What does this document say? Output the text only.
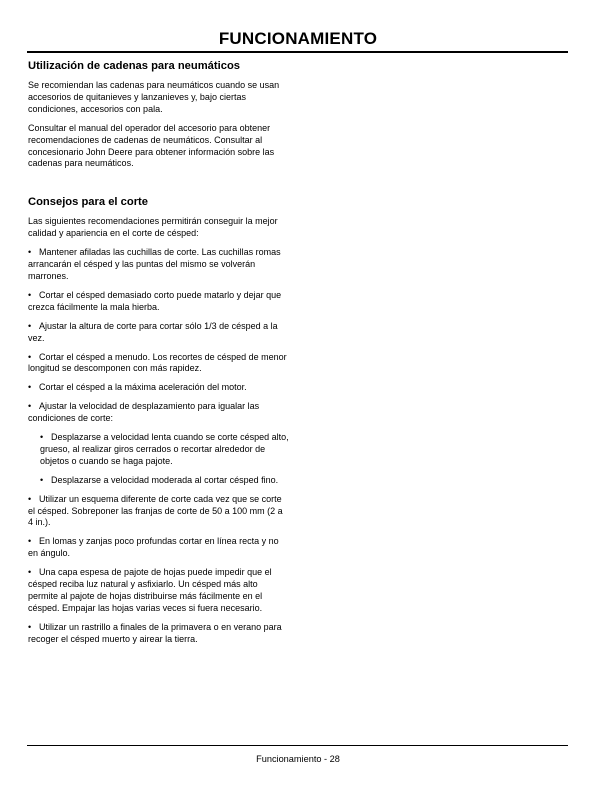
FUNCIONAMIENTO
Utilización de cadenas para neumáticos

Se recomiendan las cadenas para neumáticos cuando se usan accesorios de quitanieves y lanzanieves y, bajo ciertas condiciones, accesorios con pala.

Consultar el manual del operador del accesorio para obtener recomendaciones de cadenas de neumáticos. Consultar al concesionario John Deere para obtener información sobre las cadenas para neumáticos.

Consejos para el corte

Las siguientes recomendaciones permitirán conseguir la mejor calidad y apariencia en el corte de césped:

• Mantener afiladas las cuchillas de corte. Las cuchillas romas arrancarán el césped y las puntas del mismo se volverán marrones.
• Cortar el césped demasiado corto puede matarlo y dejar que crezca fácilmente la mala hierba.
• Ajustar la altura de corte para cortar sólo 1/3 de césped a la vez.
• Cortar el césped a menudo. Los recortes de césped de menor longitud se descomponen con más rapidez.
• Cortar el césped a la máxima aceleración del motor.
• Ajustar la velocidad de desplazamiento para igualar las condiciones de corte:
• Desplazarse a velocidad lenta cuando se corte césped alto, grueso, al realizar giros cerrados o recortar alrededor de objetos o cuando se haga pajote.
• Desplazarse a velocidad moderada al cortar césped fino.
• Utilizar un esquema diferente de corte cada vez que se corte el césped. Sobreponer las franjas de corte de 50 a 100 mm (2 a 4 in.).
• En lomas y zanjas poco profundas cortar en línea recta y no en ángulo.
• Una capa espesa de pajote de hojas puede impedir que el césped reciba luz natural y asfixiarlo. Un césped más alto permite al pajote de hojas distribuirse más fácilmente en el césped. Empajar las hojas varias veces si fuera necesario.
• Utilizar un rastrillo a finales de la primavera o en verano para recoger el césped muerto y airear la tierra.
Funcionamiento - 28
